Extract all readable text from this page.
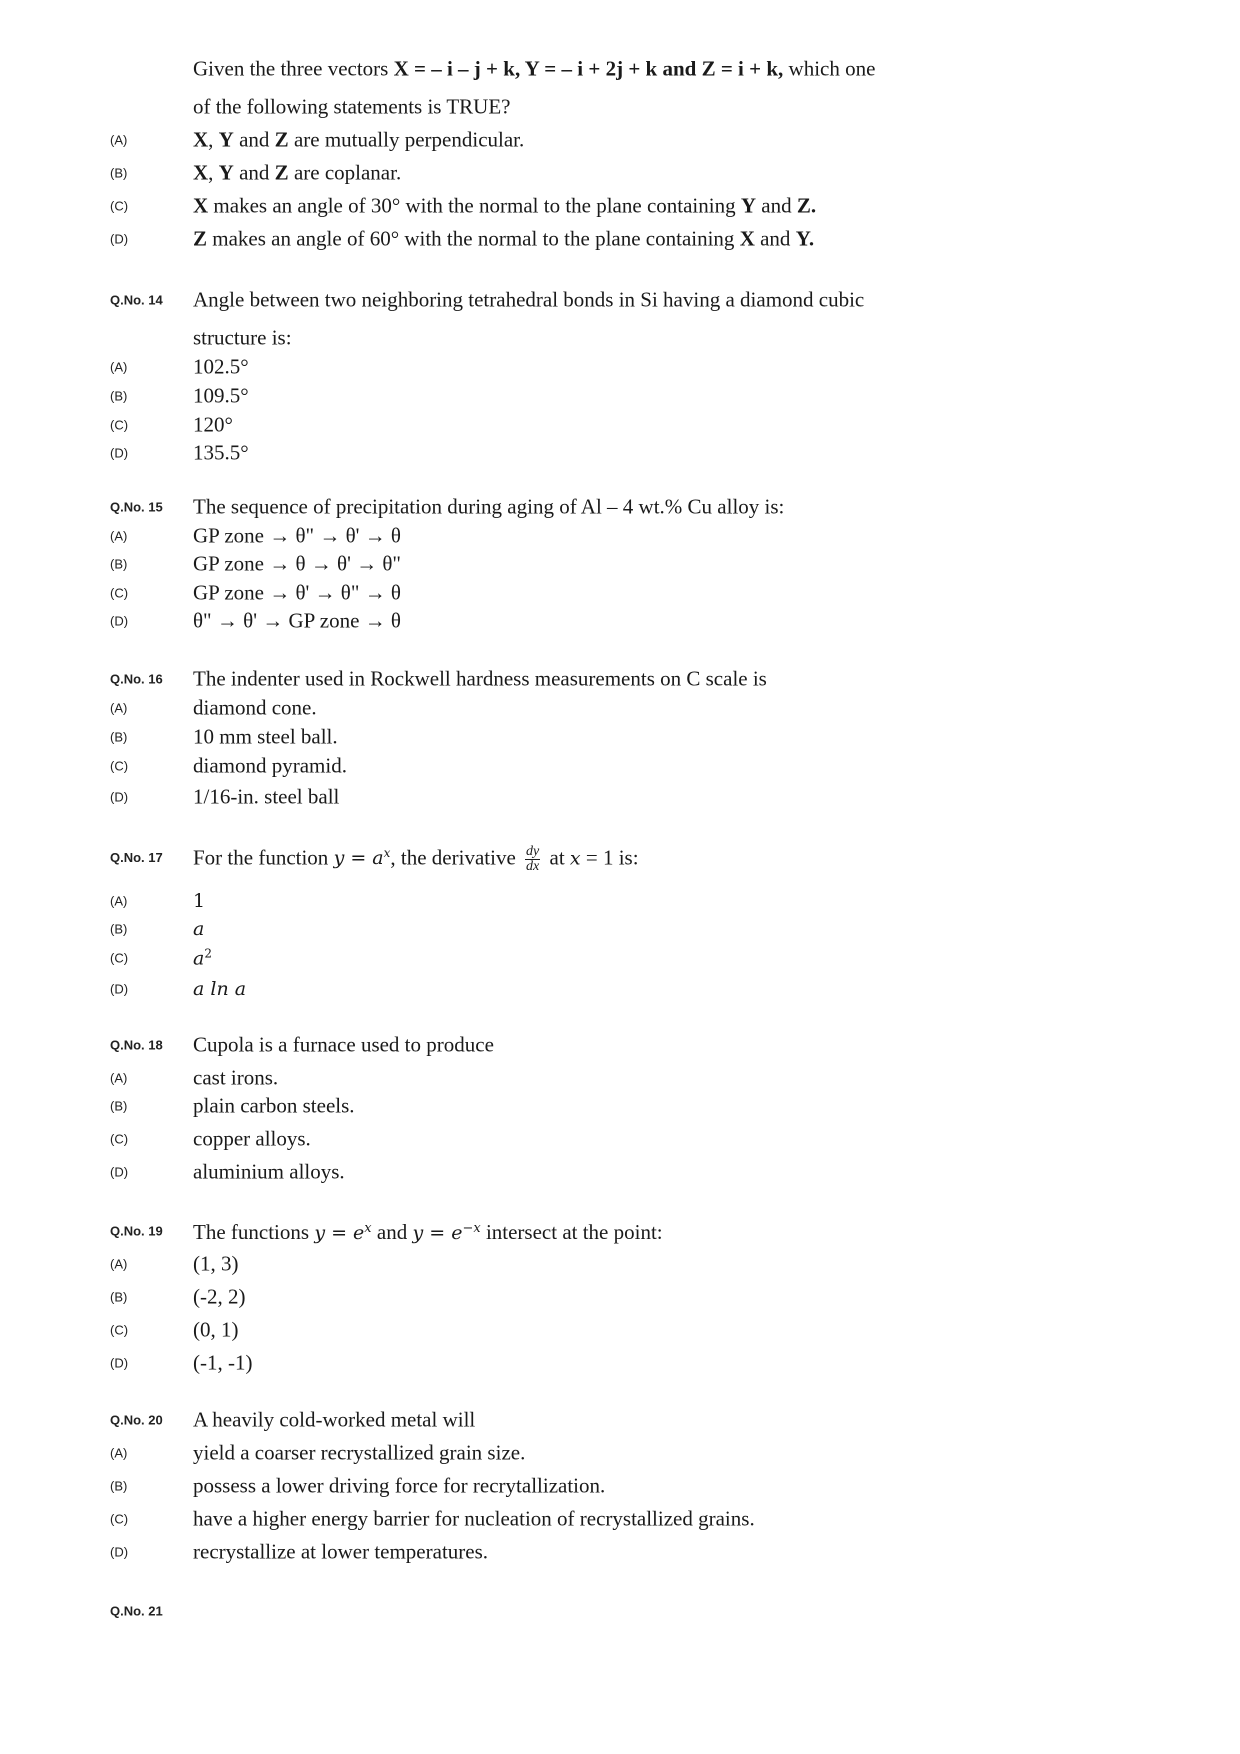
Given the three vectors X = – i – j + k, Y = – i + 2j + k and Z = i + k, which one
of the following statements is TRUE?
(A)	X, Y and Z are mutually perpendicular.
(B)	X, Y and Z are coplanar.
(C)	X makes an angle of 30° with the normal to the plane containing Y and Z.
(D)	Z makes an angle of 60° with the normal to the plane containing X and Y.
Q.No. 14 Angle between two neighboring tetrahedral bonds in Si having a diamond cubic
structure is:
(A)	102.5°
(B)	109.5°
(C)	120°
(D)	135.5°
Q.No. 15 The sequence of precipitation during aging of Al – 4 wt.% Cu alloy is:
(A)	GP zone → θ" → θ' → θ
(B)	GP zone → θ → θ' → θ"
(C)	GP zone → θ' → θ" → θ
(D)	θ" → θ' → GP zone → θ
Q.No. 16 The indenter used in Rockwell hardness measurements on C scale is
(A)	diamond cone.
(B)	10 mm steel ball.
(C)	diamond pyramid.
(D)	1/16-in. steel ball
Q.No. 17 For the function $y = a^x$, the derivative $\frac{dy}{dx}$ at x = 1 is:
(A)	1
(B)	a
(C)	$a^2$
(D)	a ln a
Q.No. 18 Cupola is a furnace used to produce
(A)	cast irons.
(B)	plain carbon steels.
(C)	copper alloys.
(D)	aluminium alloys.
Q.No. 19 The functions $y = e^x$ and $y = e^{-x}$ intersect at the point:
(A)	(1, 3)
(B)	(-2, 2)
(C)	(0, 1)
(D)	(-1, -1)
Q.No. 20 A heavily cold-worked metal will
(A)	yield a coarser recrystallized grain size.
(B)	possess a lower driving force for recrytallization.
(C)	have a higher energy barrier for nucleation of recrystallized grains.
(D)	recrystallize at lower temperatures.
Q.No. 21
